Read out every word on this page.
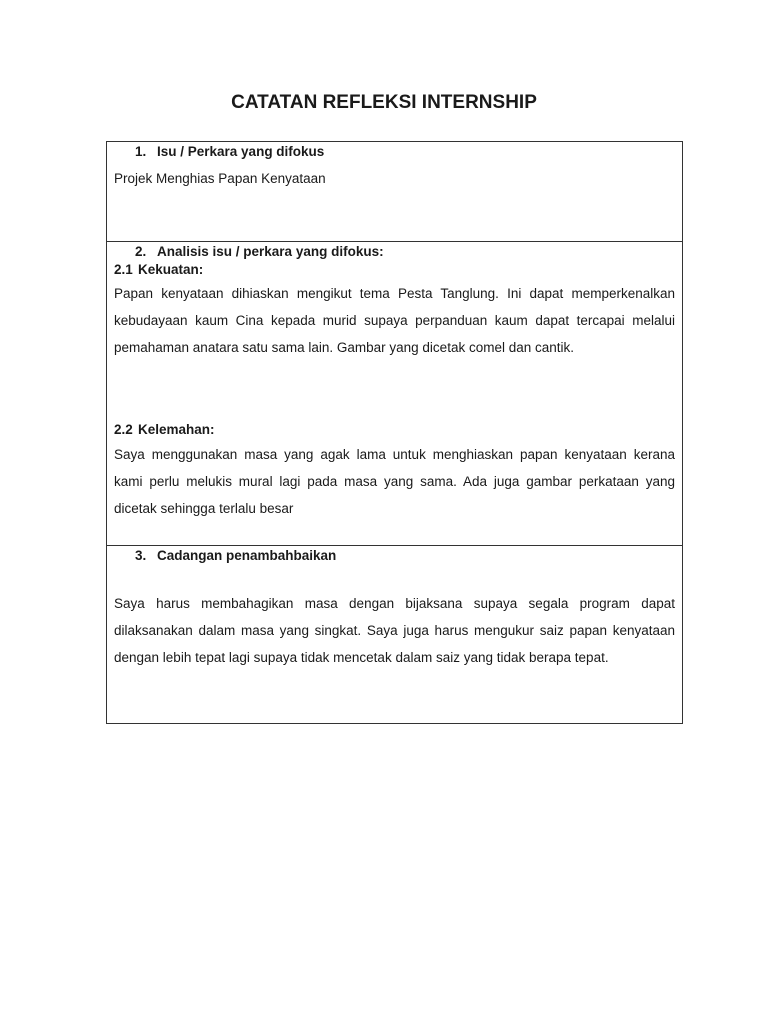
CATATAN REFLEKSI INTERNSHIP
1. Isu / Perkara yang difokus
Projek Menghias Papan Kenyataan
2. Analisis isu / perkara yang difokus:
2.1 Kekuatan:

Papan kenyataan dihiaskan mengikut tema Pesta Tanglung. Ini dapat memperkenalkan kebudayaan kaum Cina kepada murid supaya perpanduan kaum dapat tercapai melalui pemahaman anatara satu sama lain. Gambar yang dicetak comel dan cantik.

2.2 Kelemahan:

Saya menggunakan masa yang agak lama untuk menghiaskan papan kenyataan kerana kami perlu melukis mural lagi pada masa yang sama. Ada juga gambar perkataan yang dicetak sehingga terlalu besar

3. Cadangan penambahbaikan

Saya harus membahagikan masa dengan bijaksana supaya segala program dapat dilaksanakan dalam masa yang singkat. Saya juga harus mengukur saiz papan kenyataan dengan lebih tepat lagi supaya tidak mencetak dalam saiz yang tidak berapa tepat.
